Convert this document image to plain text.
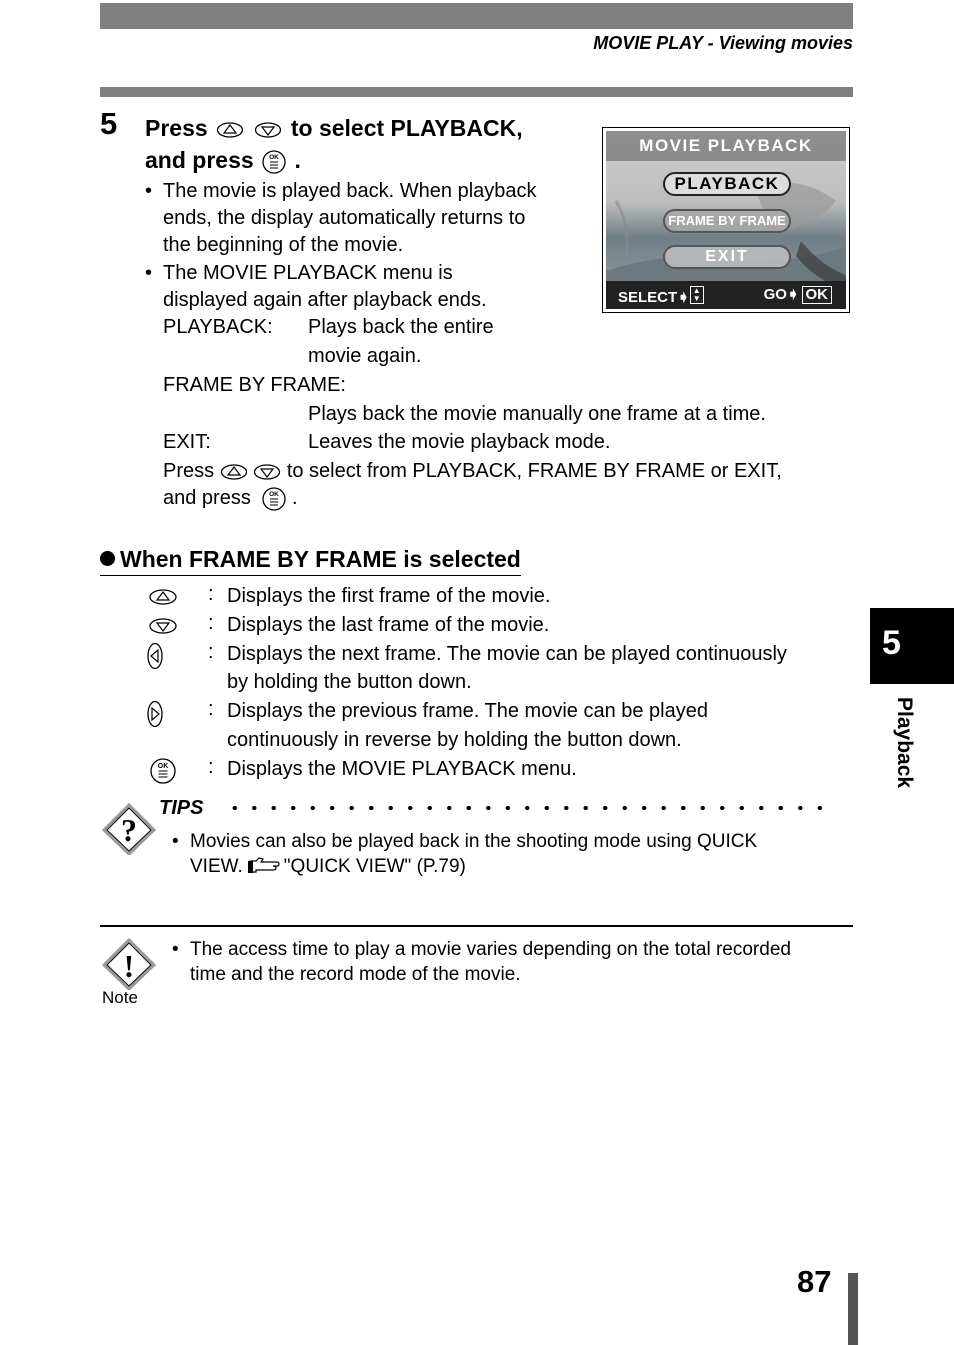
MOVIE PLAY - Viewing movies
5 Press
	to select PLAYBACK,
and press OK .
• The movie is played back. When playback
ends, the display automatically returns to
the beginning of the movie.
• The MOVIE PLAYBACK menu is
displayed again after playback ends.
PLAYBACK: Plays back the entire
movie again.
FRAME BY FRAME:
Plays back the movie manually one frame at a time.
EXIT:	Leaves the movie playback mode.
Press
	to select from PLAYBACK, FRAME BY FRAME or EXIT,
and press	OK .
MOVIE PLAYBACK
PLAYBACK
FRAME BY FRAME
EXIT
SELECT➧ ▲
▼	GO➧ OK
When FRAME BY FRAME is selected
: Displays the first frame of the movie.
: Displays the last frame of the movie.
: Displays the next frame. The movie can be played continuously
by holding the button down.
: Displays the previous frame. The movie can be played
continuously in reverse by holding the button down.
OK : Displays the MOVIE PLAYBACK menu.
?
TIPS
• Movies can also be played back in the shooting mode using QUICK
VIEW. "QUICK VIEW" (P.79)
!
Note
• The access time to play a movie varies depending on the total recorded
time and the record mode of the movie.
5
Playback
87
